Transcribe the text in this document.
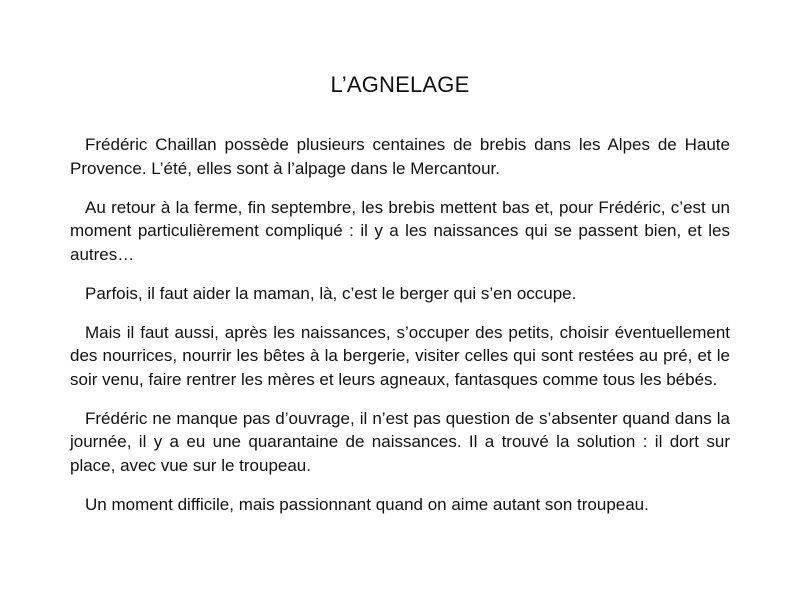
L’AGNELAGE

Frédéric Chaillan possède plusieurs centaines de brebis dans les Alpes de Haute Provence. L’été, elles sont à l’alpage dans le Mercantour.

Au retour à la ferme, fin septembre, les brebis mettent bas et, pour Frédéric, c’est un moment particulièrement compliqué : il y a les naissances qui se passent bien, et les autres…

Parfois, il faut aider la maman, là, c’est le berger qui s’en occupe.

Mais il faut aussi, après les naissances, s’occuper des petits, choisir éventuellement des nourrices, nourrir les bêtes à la bergerie, visiter celles qui sont restées au pré, et le soir venu, faire rentrer les mères et leurs agneaux, fantasques comme tous les bébés.

Frédéric ne manque pas d’ouvrage, il n’est pas question de s’absenter quand dans la journée, il y a eu une quarantaine de naissances. Il a trouvé la solution : il dort sur place, avec vue sur le troupeau.

Un moment difficile, mais passionnant quand on aime autant son troupeau.
